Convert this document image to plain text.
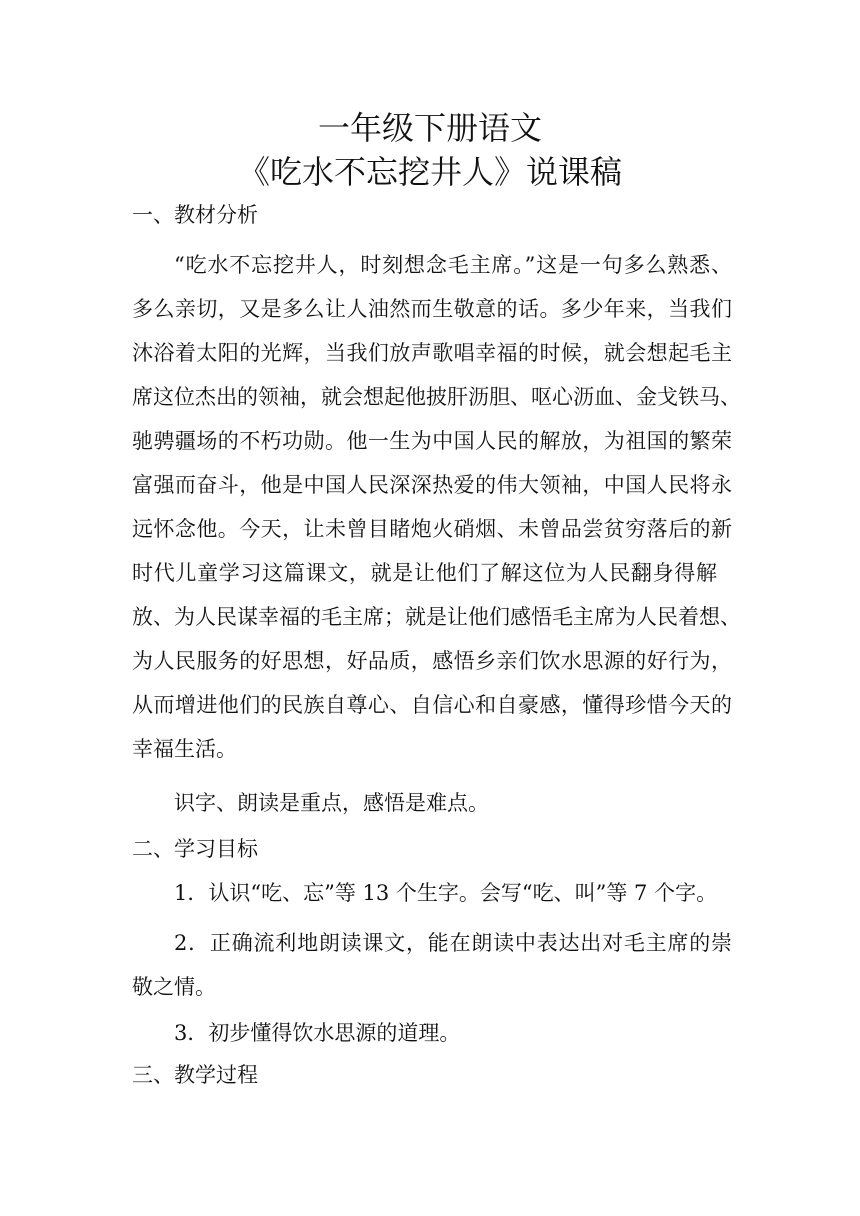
一年级下册语文
《吃水不忘挖井人》说课稿
一、教材分析
“吃水不忘挖井人，时刻想念毛主席。”这是一句多么熟悉、
多么亲切，又是多么让人油然而生敬意的话。多少年来，当我们
沐浴着太阳的光辉，当我们放声歌唱幸福的时候，就会想起毛主
席这位杰出的领袖，就会想起他披肝沥胆、呕心沥血、金戈铁马、
驰骋疆场的不朽功勋。他一生为中国人民的解放，为祖国的繁荣
富强而奋斗，他是中国人民深深热爱的伟大领袖，中国人民将永
远怀念他。今天，让未曾目睹炮火硝烟、未曾品尝贫穷落后的新
时代儿童学习这篇课文，就是让他们了解这位为人民翻身得解
放、为人民谋幸福的毛主席；就是让他们感悟毛主席为人民着想、
为人民服务的好思想，好品质，感悟乡亲们饮水思源的好行为，
从而增进他们的民族自尊心、自信心和自豪感，懂得珍惜今天的
幸福生活。
识字、朗读是重点，感悟是难点。
二、学习目标
1．认识“吃、忘”等 13 个生字。会写“吃、叫”等 7 个字。
2．正确流利地朗读课文，能在朗读中表达出对毛主席的崇
敬之情。
3．初步懂得饮水思源的道理。
三、教学过程
